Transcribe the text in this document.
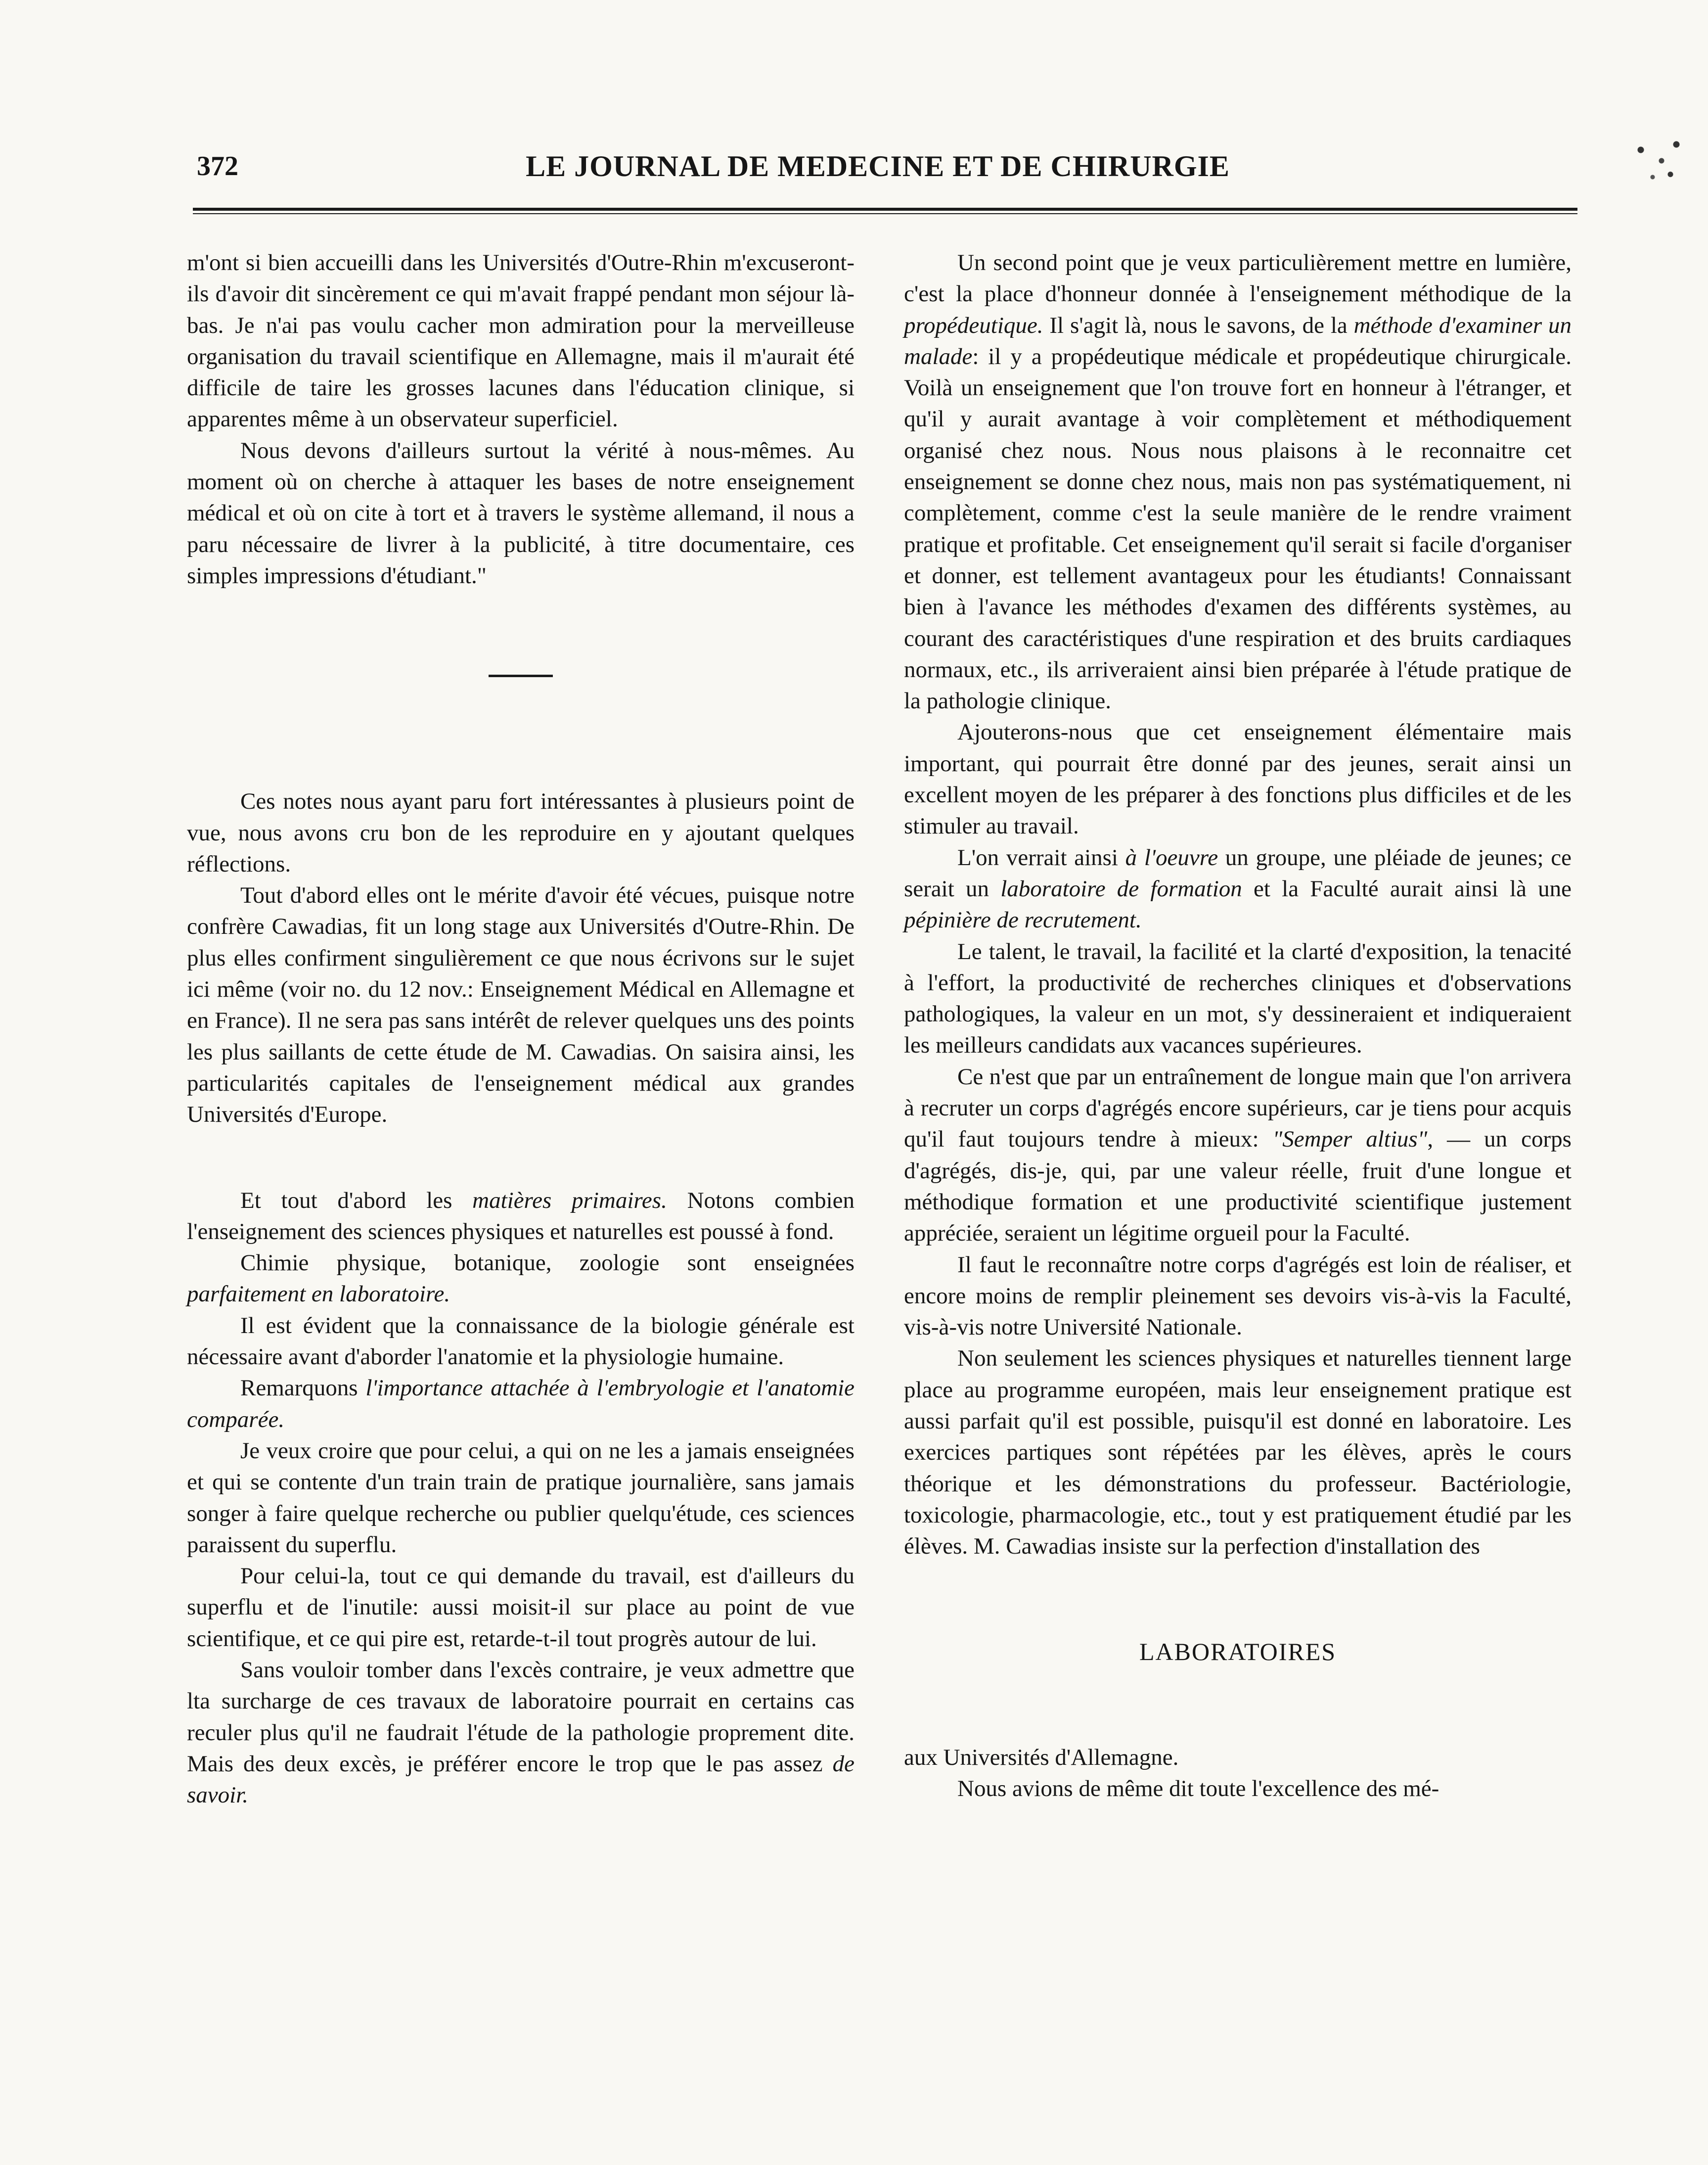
372	LE JOURNAL DE MEDECINE ET DE CHIRURGIE

m'ont si bien accueilli dans les Universités d'Outre-Rhin m'excuseront-ils d'avoir dit sincèrement ce qui m'avait frappé pendant mon séjour là-bas. Je n'ai pas voulu cacher mon admiration pour la merveilleuse organisation du travail scientifique en Allemagne, mais il m'aurait été difficile de taire les grosses lacunes dans l'éducation clinique, si apparentes même à un observateur superficiel.

Nous devons d'ailleurs surtout la vérité à nous-mêmes. Au moment où on cherche à attaquer les bases de notre enseignement médical et où on cite à tort et à travers le système allemand, il nous a paru nécessaire de livrer à la publicité, à titre documentaire, ces simples impressions d'étudiant."

Ces notes nous ayant paru fort intéressantes à plusieurs point de vue, nous avons cru bon de les reproduire en y ajoutant quelques réflections.

Tout d'abord elles ont le mérite d'avoir été vécues, puisque notre confrère Cawadias, fit un long stage aux Universités d'Outre-Rhin. De plus elles confirment singulièrement ce que nous écrivons sur le sujet ici même (voir no. du 12 nov.: Enseignement Médical en Allemagne et en France). Il ne sera pas sans intérêt de relever quelques uns des points les plus saillants de cette étude de M. Cawadias. On saisira ainsi, les particularités capitales de l'enseignement médical aux grandes Universités d'Europe.

Et tout d'abord les matières primaires. Notons combien l'enseignement des sciences physiques et naturelles est poussé à fond.

Chimie physique, botanique, zoologie sont enseignées parfaitement en laboratoire.

Il est évident que la connaissance de la biologie générale est nécessaire avant d'aborder l'anatomie et la physiologie humaine.

Remarquons l'importance attachée à l'embryologie et l'anatomie comparée.

Je veux croire que pour celui, a qui on ne les a jamais enseignées et qui se contente d'un train train de pratique journalière, sans jamais songer à faire quelque recherche ou publier quelqu'étude, ces sciences paraissent du superflu.

Pour celui-la, tout ce qui demande du travail, est d'ailleurs du superflu et de l'inutile: aussi moisit-il sur place au point de vue scientifique, et ce qui pire est, retarde-t-il tout progrès autour de lui.

Sans vouloir tomber dans l'excès contraire, je veux admettre que lta surcharge de ces travaux de laboratoire pourrait en certains cas reculer plus qu'il ne faudrait l'étude de la pathologie proprement dite. Mais des deux excès, je préférer encore le trop que le pas assez de savoir.

Un second point que je veux particulièrement mettre en lumière, c'est la place d'honneur donnée à l'enseignement méthodique de la propédeutique. Il s'agit là, nous le savons, de la méthode d'examiner un malade: il y a propédeutique médicale et propédeutique chirurgicale. Voilà un enseignement que l'on trouve fort en honneur à l'étranger, et qu'il y aurait avantage à voir complètement et méthodiquement organisé chez nous. Nous nous plaisons à le reconnaitre cet enseignement se donne chez nous, mais non pas systématiquement, ni complètement, comme c'est la seule manière de le rendre vraiment pratique et profitable. Cet enseignement qu'il serait si facile d'organiser et donner, est tellement avantageux pour les étudiants! Connaissant bien à l'avance les méthodes d'examen des différents systèmes, au courant des caractéristiques d'une respiration et des bruits cardiaques normaux, etc., ils arriveraient ainsi bien préparée à l'étude pratique de la pathologie clinique.

Ajouterons-nous que cet enseignement élémentaire mais important, qui pourrait être donné par des jeunes, serait ainsi un excellent moyen de les préparer à des fonctions plus difficiles et de les stimuler au travail.

L'on verrait ainsi à l'oeuvre un groupe, une pléiade de jeunes; ce serait un laboratoire de formation et la Faculté aurait ainsi là une pépinière de recrutement.

Le talent, le travail, la facilité et la clarté d'exposition, la tenacité à l'effort, la productivité de recherches cliniques et d'observations pathologiques, la valeur en un mot, s'y dessineraient et indiqueraient les meilleurs candidats aux vacances supérieures.

Ce n'est que par un entraînement de longue main que l'on arrivera à recruter un corps d'agrégés encore supérieurs, car je tiens pour acquis qu'il faut toujours tendre à mieux: "Semper altius", — un corps d'agrégés, dis-je, qui, par une valeur réelle, fruit d'une longue et méthodique formation et une productivité scientifique justement appréciée, seraient un légitime orgueil pour la Faculté.

Il faut le reconnaître notre corps d'agrégés est loin de réaliser, et encore moins de remplir pleinement ses devoirs vis-à-vis la Faculté, vis-à-vis notre Université Nationale.

Non seulement les sciences physiques et naturelles tiennent large place au programme européen, mais leur enseignement pratique est aussi parfait qu'il est possible, puisqu'il est donné en laboratoire. Les exercices partiques sont répétées par les élèves, après le cours théorique et les démonstrations du professeur. Bactériologie, toxicologie, pharmacologie, etc., tout y est pratiquement étudié par les élèves. M. Cawadias insiste sur la perfection d'installation des

LABORATOIRES

aux Universités d'Allemagne.

Nous avions de même dit toute l'excellence des mé-
